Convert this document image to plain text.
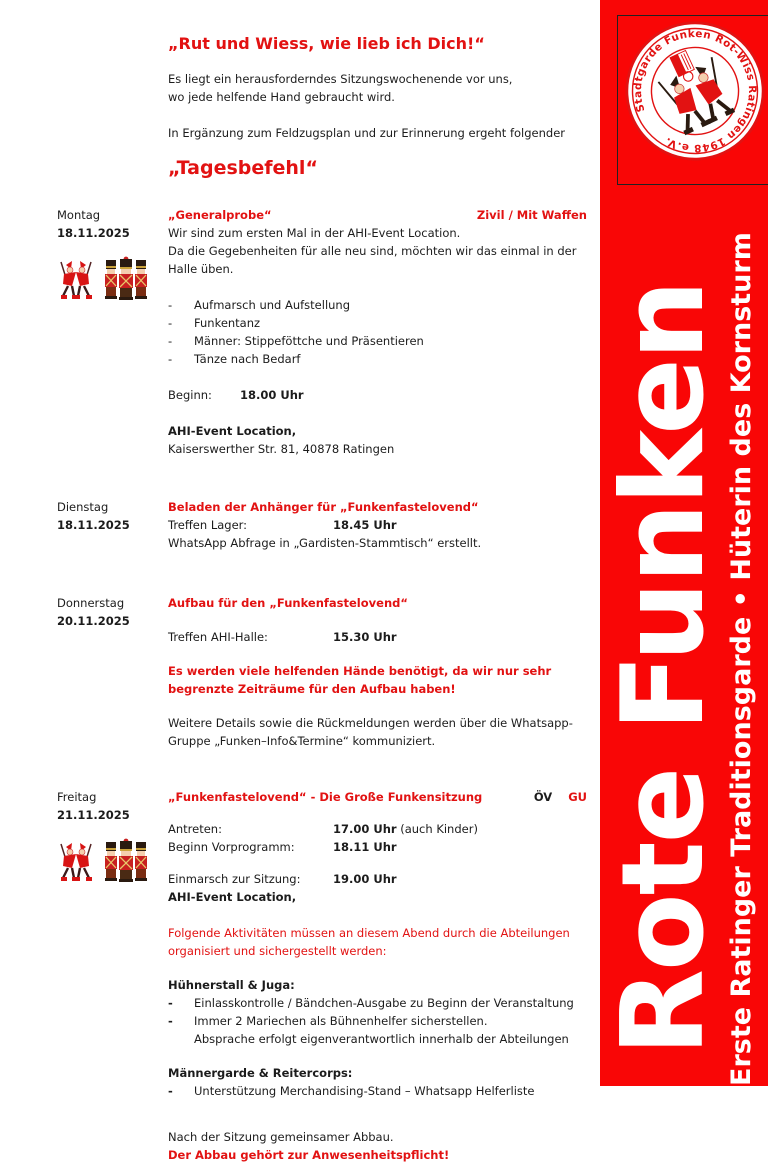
„Rut und Wiess, wie lieb ich Dich!“
Es liegt ein herausforderndes Sitzungswochenende vor uns,
wo jede helfende Hand gebraucht wird.
In Ergänzung zum Feldzugsplan und zur Erinnerung ergeht folgender
„Tagesbefehl“
Montag
18.11.2025
„Generalprobe“	Zivil / Mit Waffen
Wir sind zum ersten Mal in der AHI-Event Location.
Da die Gegebenheiten für alle neu sind, möchten wir das einmal in der Halle üben.
-	Aufmarsch und Aufstellung
-	Funkentanz
-	Männer: Stippeföttche und Präsentieren
-	Tänze nach Bedarf
Beginn:	18.00 Uhr
AHI-Event Location,
Kaiserswerther Str. 81, 40878 Ratingen
Dienstag
18.11.2025
Beladen der Anhänger für „Funkenfastelovend“
Treffen Lager:	18.45 Uhr
WhatsApp Abfrage in „Gardisten-Stammtisch“ erstellt.
Donnerstag
20.11.2025
Aufbau für den „Funkenfastelovend“
Treffen AHI-Halle:	15.30 Uhr
Es werden viele helfenden Hände benötigt, da wir nur sehr begrenzte Zeiträume für den Aufbau haben!
Weitere Details sowie die Rückmeldungen werden über die Whatsapp-Gruppe „Funken–Info&Termine“ kommuniziert.
Freitag
21.11.2025
„Funkenfastelovend“ - Die Große Funkensitzung	ÖV GU
Antreten:	17.00 Uhr (auch Kinder)
Beginn Vorprogramm:	18.11 Uhr
Einmarsch zur Sitzung:	19.00 Uhr
AHI-Event Location,
Folgende Aktivitäten müssen an diesem Abend durch die Abteilungen organisiert und sichergestellt werden:
Hühnerstall & Juga:
-	Einlasskontrolle / Bändchen-Ausgabe zu Beginn der Veranstaltung
-	Immer 2 Mariechen als Bühnenhelfer sicherstellen.
Absprache erfolgt eigenverantwortlich innerhalb der Abteilungen
Männergarde & Reitercorps:
-	Unterstützung Merchandising-Stand – Whatsapp Helferliste
Nach der Sitzung gemeinsamer Abbau.
Der Abbau gehört zur Anwesenheitspflicht!
Stadtgarde Funken Rot-Wiss Ratingen 1948 e.V.
Rote Funken
Erste Ratinger Traditionsgarde • Hüterin des Kornsturm
